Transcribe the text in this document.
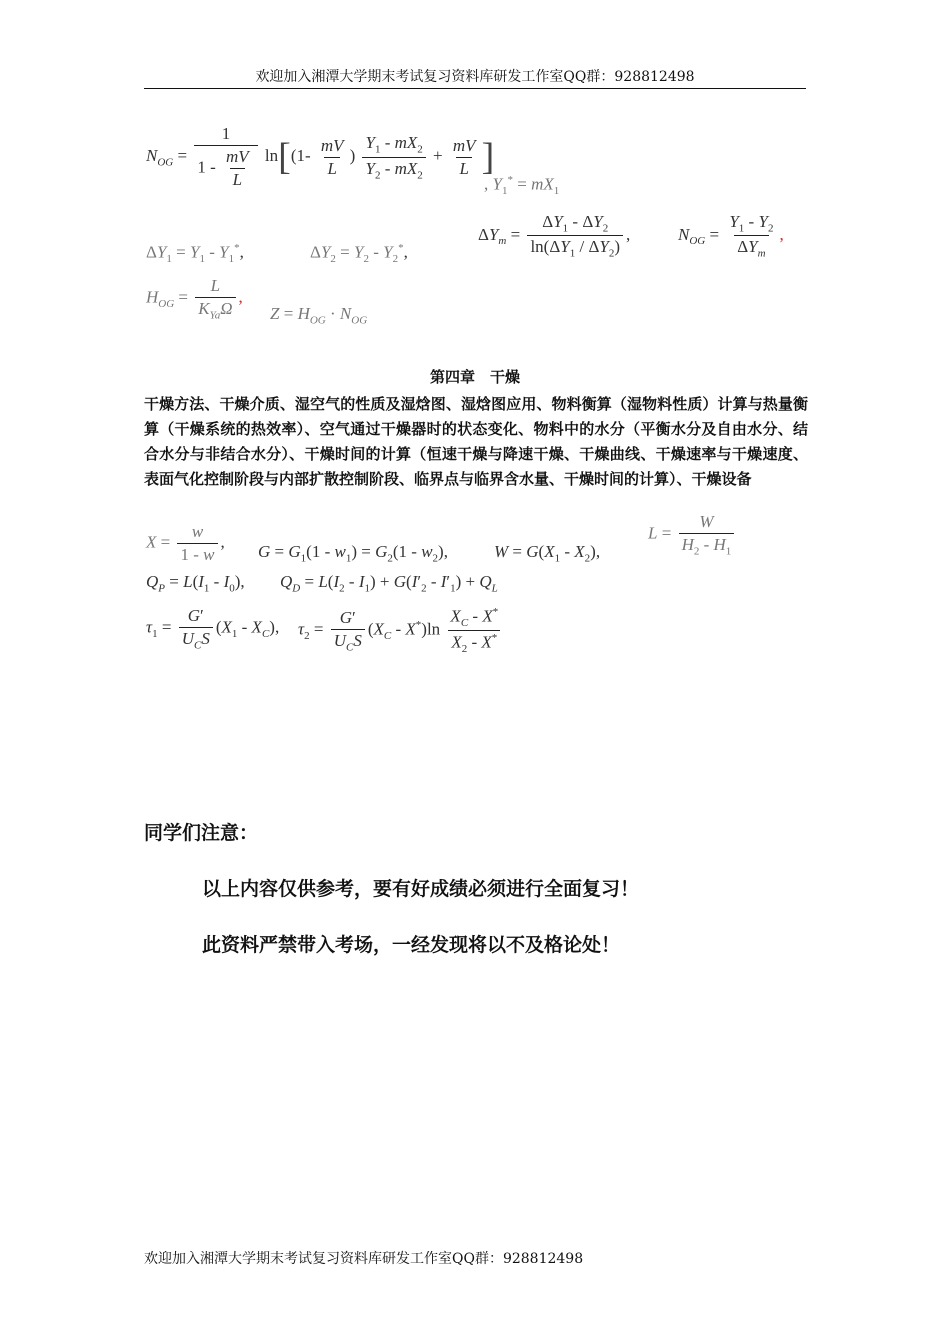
欢迎加入湘潭大学期末考试复习资料库研发工作室QQ群：928812498
$N_{OG} = \frac{1}{1 - \frac{mV}{L}} \ln[(1- \frac{mV}{L}$ ) $\frac{Y_1 - mX_2}{Y_2 - mX_2} + \frac{mV}{L}$ ]
, $Y_1^* = mX_1$
$\Delta Y_1 = Y_1 - Y_1^*$,	$\Delta Y_2 = Y_2 - Y_2^*$,
$\Delta Y_m = \frac{\Delta Y_1 - \Delta Y_2}{\ln(\Delta Y_1 / \Delta Y_2)}$ ,	$N_{OG} = \frac{Y_1 - Y_2}{\Delta Y_m}$ ,
$H_{OG} = \frac{L}{K_{Ya}\Omega}$ ,
$Z = H_{OG} \cdot N_{OG}$
第四章　干燥
干燥方法、干燥介质、湿空气的性质及湿焓图、湿焓图应用、物料衡算（湿物料性质）计算与热量衡算（干燥系统的热效率）、空气通过干燥器时的状态变化、物料中的水分（平衡水分及自由水分、结合水分与非结合水分）、干燥时间的计算（恒速干燥与降速干燥、干燥曲线、干燥速率与干燥速度、表面气化控制阶段与内部扩散控制阶段、临界点与临界含水量、干燥时间的计算）、干燥设备
$X = \frac{w}{1 - w}$ ,
$G = G_1(1 - w_1) = G_2(1 - w_2)$,	$W = G(X_1 - X_2)$,
$L = \frac{W}{H_2 - H_1}$
$Q_P = L(I_1 - I_0)$, $Q_D = L(I_2 - I_1) + G(I'_2 - I'_1) + Q_L$
$\tau_1 = \frac{G'}{U_CS} (X_1 - X_C)$, $\tau_2 = \frac{G'}{U_CS} (X_C - X^*)\ln \frac{X_C - X^*}{X_2 - X^*}$
同学们注意：
以上内容仅供参考，要有好成绩必须进行全面复习！
此资料严禁带入考场，一经发现将以不及格论处！
欢迎加入湘潭大学期末考试复习资料库研发工作室QQ群：928812498
